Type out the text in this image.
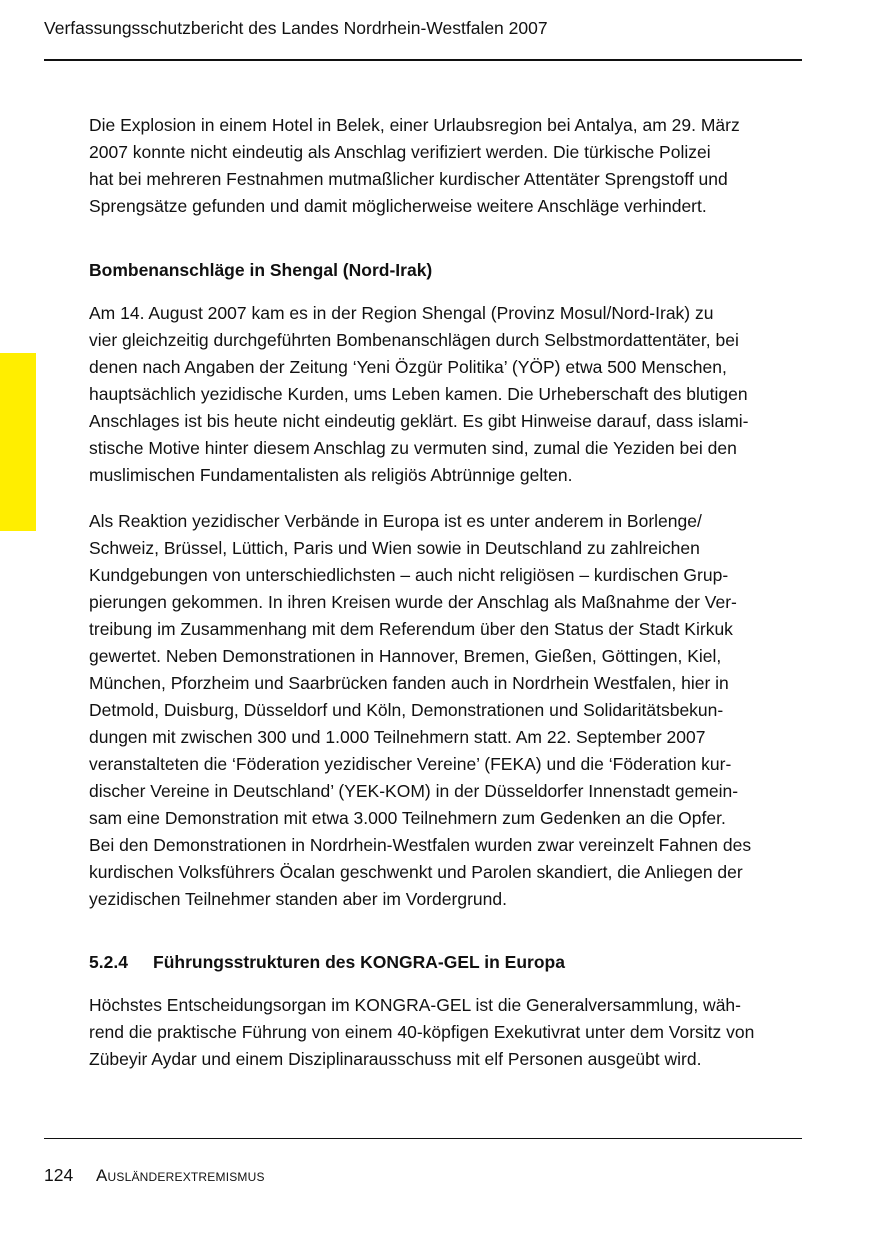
Verfassungsschutzbericht des Landes Nordrhein-Westfalen 2007
Die Explosion in einem Hotel in Belek, einer Urlaubsregion bei Antalya, am 29. März
2007 konnte nicht eindeutig als Anschlag verifiziert werden. Die türkische Polizei
hat bei mehreren Festnahmen mutmaßlicher kurdischer Attentäter Sprengstoff und
Sprengsätze gefunden und damit möglicherweise weitere Anschläge verhindert.
Bombenanschläge in Shengal (Nord-Irak)
Am 14. August 2007 kam es in der Region Shengal (Provinz Mosul/Nord-Irak) zu
vier gleichzeitig durchgeführten Bombenanschlägen durch Selbstmordattentäter, bei
denen nach Angaben der Zeitung ‘Yeni Özgür Politika’ (YÖP) etwa 500 Menschen,
hauptsächlich yezidische Kurden, ums Leben kamen. Die Urheberschaft des blutigen
Anschlages ist bis heute nicht eindeutig geklärt. Es gibt Hinweise darauf, dass islami-
stische Motive hinter diesem Anschlag zu vermuten sind, zumal die Yeziden bei den
muslimischen Fundamentalisten als religiös Abtrünnige gelten.
Als Reaktion yezidischer Verbände in Europa ist es unter anderem in Borlenge/
Schweiz, Brüssel, Lüttich, Paris und Wien sowie in Deutschland zu zahlreichen
Kundgebungen von unterschiedlichsten – auch nicht religiösen – kurdischen Grup-
pierungen gekommen. In ihren Kreisen wurde der Anschlag als Maßnahme der Ver-
treibung im Zusammenhang mit dem Referendum über den Status der Stadt Kirkuk
gewertet. Neben Demonstrationen in Hannover, Bremen, Gießen, Göttingen, Kiel,
München, Pforzheim und Saarbrücken fanden auch in Nordrhein Westfalen, hier in
Detmold, Duisburg, Düsseldorf und Köln, Demonstrationen und Solidaritätsbekun-
dungen mit zwischen 300 und 1.000 Teilnehmern statt. Am 22. September 2007
veranstalteten die ‘Föderation yezidischer Vereine’ (FEKA) und die ‘Föderation kur-
discher Vereine in Deutschland’ (YEK-KOM) in der Düsseldorfer Innenstadt gemein-
sam eine Demonstration mit etwa 3.000 Teilnehmern zum Gedenken an die Opfer.
Bei den Demonstrationen in Nordrhein-Westfalen wurden zwar vereinzelt Fahnen des
kurdischen Volksführers Öcalan geschwenkt und Parolen skandiert, die Anliegen der
yezidischen Teilnehmer standen aber im Vordergrund.
5.2.4 Führungsstrukturen des KONGRA-GEL in Europa
Höchstes Entscheidungsorgan im KONGRA-GEL ist die Generalversammlung, wäh-
rend die praktische Führung von einem 40-köpfigen Exekutivrat unter dem Vorsitz von
Zübeyir Aydar und einem Disziplinarausschuss mit elf Personen ausgeübt wird.
124 Ausländerextremismus
